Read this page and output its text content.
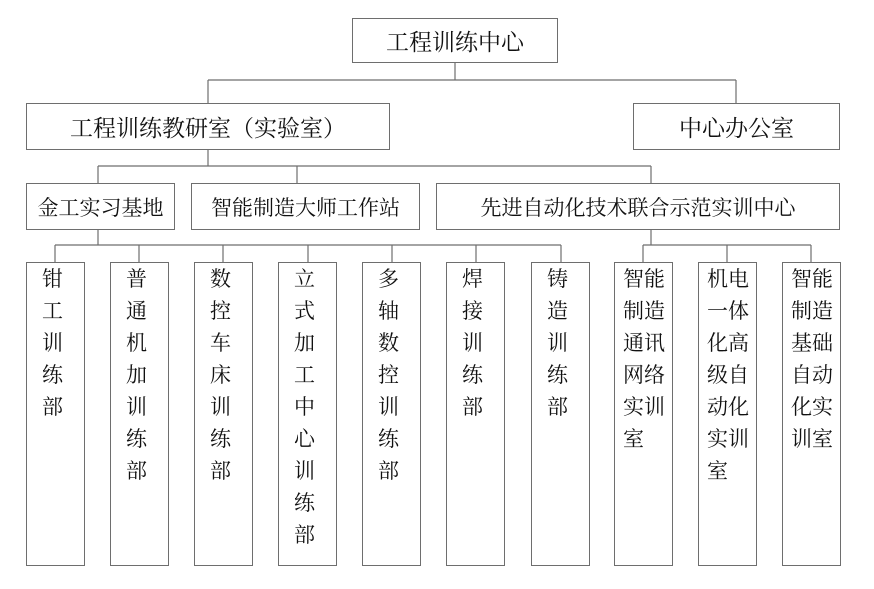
工程训练中心
工程训练教研室（实验室）	中心办公室
金工实习基地 智能制造大师工作站	先进自动化技术联合示范实训中心
钳工训练部
普通机加训练部
数控车床训练部
立式加工中心训练部
多轴数控训练部
焊接训练部
铸造训练部
智能制造通讯网络实训室
机电一体化高级自动化实训室
智能制造基础自动化实训室
